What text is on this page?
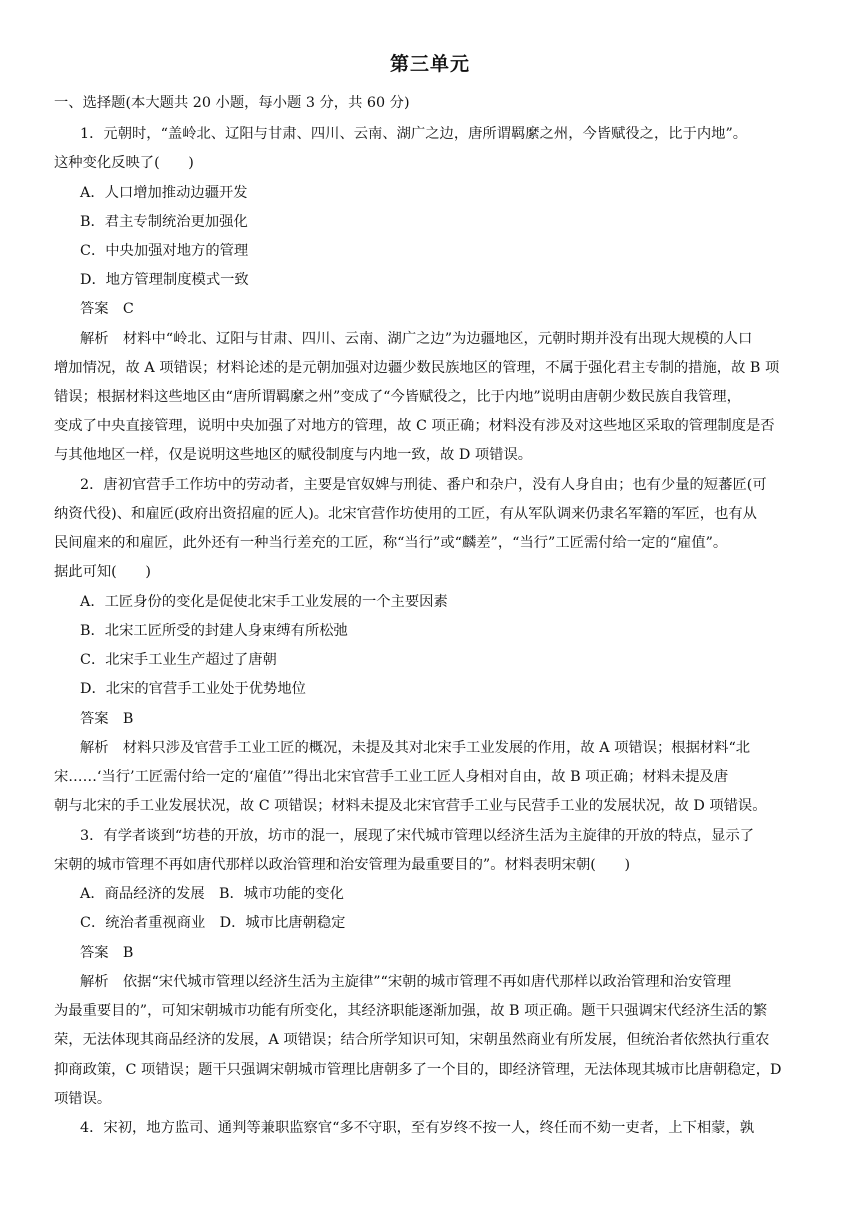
第三单元
一、选择题(本大题共 20 小题，每小题 3 分，共 60 分)
1．元朝时，“盖岭北、辽阳与甘肃、四川、云南、湖广之边，唐所谓羁縻之州，今皆赋役之，比于内地”。
这种变化反映了(　　)
A．人口增加推动边疆开发
B．君主专制统治更加强化
C．中央加强对地方的管理
D．地方管理制度模式一致
答案　C
解析　材料中“岭北、辽阳与甘肃、四川、云南、湖广之边”为边疆地区，元朝时期并没有出现大规模的人口
增加情况，故 A 项错误；材料论述的是元朝加强对边疆少数民族地区的管理，不属于强化君主专制的措施，故 B 项
错误；根据材料这些地区由“唐所谓羁縻之州”变成了“今皆赋役之，比于内地”说明由唐朝少数民族自我管理，
变成了中央直接管理，说明中央加强了对地方的管理，故 C 项正确；材料没有涉及对这些地区采取的管理制度是否
与其他地区一样，仅是说明这些地区的赋役制度与内地一致，故 D 项错误。
2．唐初官营手工作坊中的劳动者，主要是官奴婢与刑徒、番户和杂户，没有人身自由；也有少量的短蕃匠(可
纳资代役)、和雇匠(政府出资招雇的匠人)。北宋官营作坊使用的工匠，有从军队调来仍隶名军籍的军匠，也有从
民间雇来的和雇匠，此外还有一种当行差充的工匠，称“当行”或“麟差”，“当行”工匠需付给一定的“雇值”。
据此可知(　　)
A．工匠身份的变化是促使北宋手工业发展的一个主要因素
B．北宋工匠所受的封建人身束缚有所松弛
C．北宋手工业生产超过了唐朝
D．北宋的官营手工业处于优势地位
答案　B
解析　材料只涉及官营手工业工匠的概况，未提及其对北宋手工业发展的作用，故 A 项错误；根据材料“北
宋……‘当行’工匠需付给一定的‘雇值’”得出北宋官营手工业工匠人身相对自由，故 B 项正确；材料未提及唐
朝与北宋的手工业发展状况，故 C 项错误；材料未提及北宋官营手工业与民营手工业的发展状况，故 D 项错误。
3．有学者谈到“坊巷的开放，坊市的混一，展现了宋代城市管理以经济生活为主旋律的开放的特点，显示了
宋朝的城市管理不再如唐代那样以政治管理和治安管理为最重要目的”。材料表明宋朝(　　)
A．商品经济的发展　B．城市功能的变化
C．统治者重视商业　D．城市比唐朝稳定
答案　B
解析　依据“宋代城市管理以经济生活为主旋律”“宋朝的城市管理不再如唐代那样以政治管理和治安管理
为最重要目的”，可知宋朝城市功能有所变化，其经济职能逐渐加强，故 B 项正确。题干只强调宋代经济生活的繁
荣，无法体现其商品经济的发展，A 项错误；结合所学知识可知，宋朝虽然商业有所发展，但统治者依然执行重农
抑商政策，C 项错误；题干只强调宋朝城市管理比唐朝多了一个目的，即经济管理，无法体现其城市比唐朝稳定，D
项错误。
4．宋初，地方监司、通判等兼职监察官“多不守职，至有岁终不按一人，终任而不劾一吏者，上下相蒙，孰
